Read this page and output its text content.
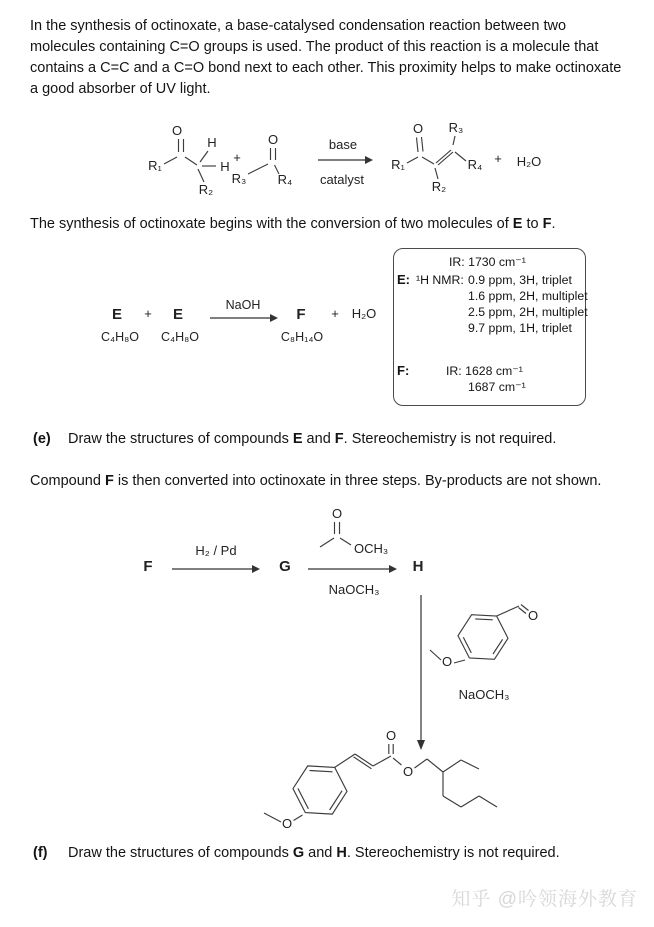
In the synthesis of octinoxate, a base-catalysed condensation reaction between two
molecules containing C=O groups is used. The product of this reaction is a molecule that
contains a C=C and a C=O bond next to each other. This proximity helps to make octinoxate
a good absorber of UV light.
O
R₁
H
H
R₂
+
O
R₃ R₄
base
catalyst
O
R₁
R₂
R₃
R₄ + H₂O
The synthesis of octinoxate begins with the conversion of two molecules of E to F.
E + E
NaOH
F + H₂O
C₄H₈O C₄H₈O	C₈H₁₄O
IR: 1730 cm⁻¹
E: ¹H NMR: 0.9 ppm, 3H, triplet
1.6 ppm, 2H, multiplet
2.5 ppm, 2H, multiplet
9.7 ppm, 1H, triplet
F:	IR: 1628 cm⁻¹
1687 cm⁻¹
(e) Draw the structures of compounds E and F. Stereochemistry is not required.
Compound F is then converted into octinoxate in three steps. By-products are not shown.
F
H₂ / Pd
G
O
OCH₃
NaOCH₃
H
O
O
NaOCH₃
O
O
O
(f) Draw the structures of compounds G and H. Stereochemistry is not required.
知乎 @吟领海外教育
